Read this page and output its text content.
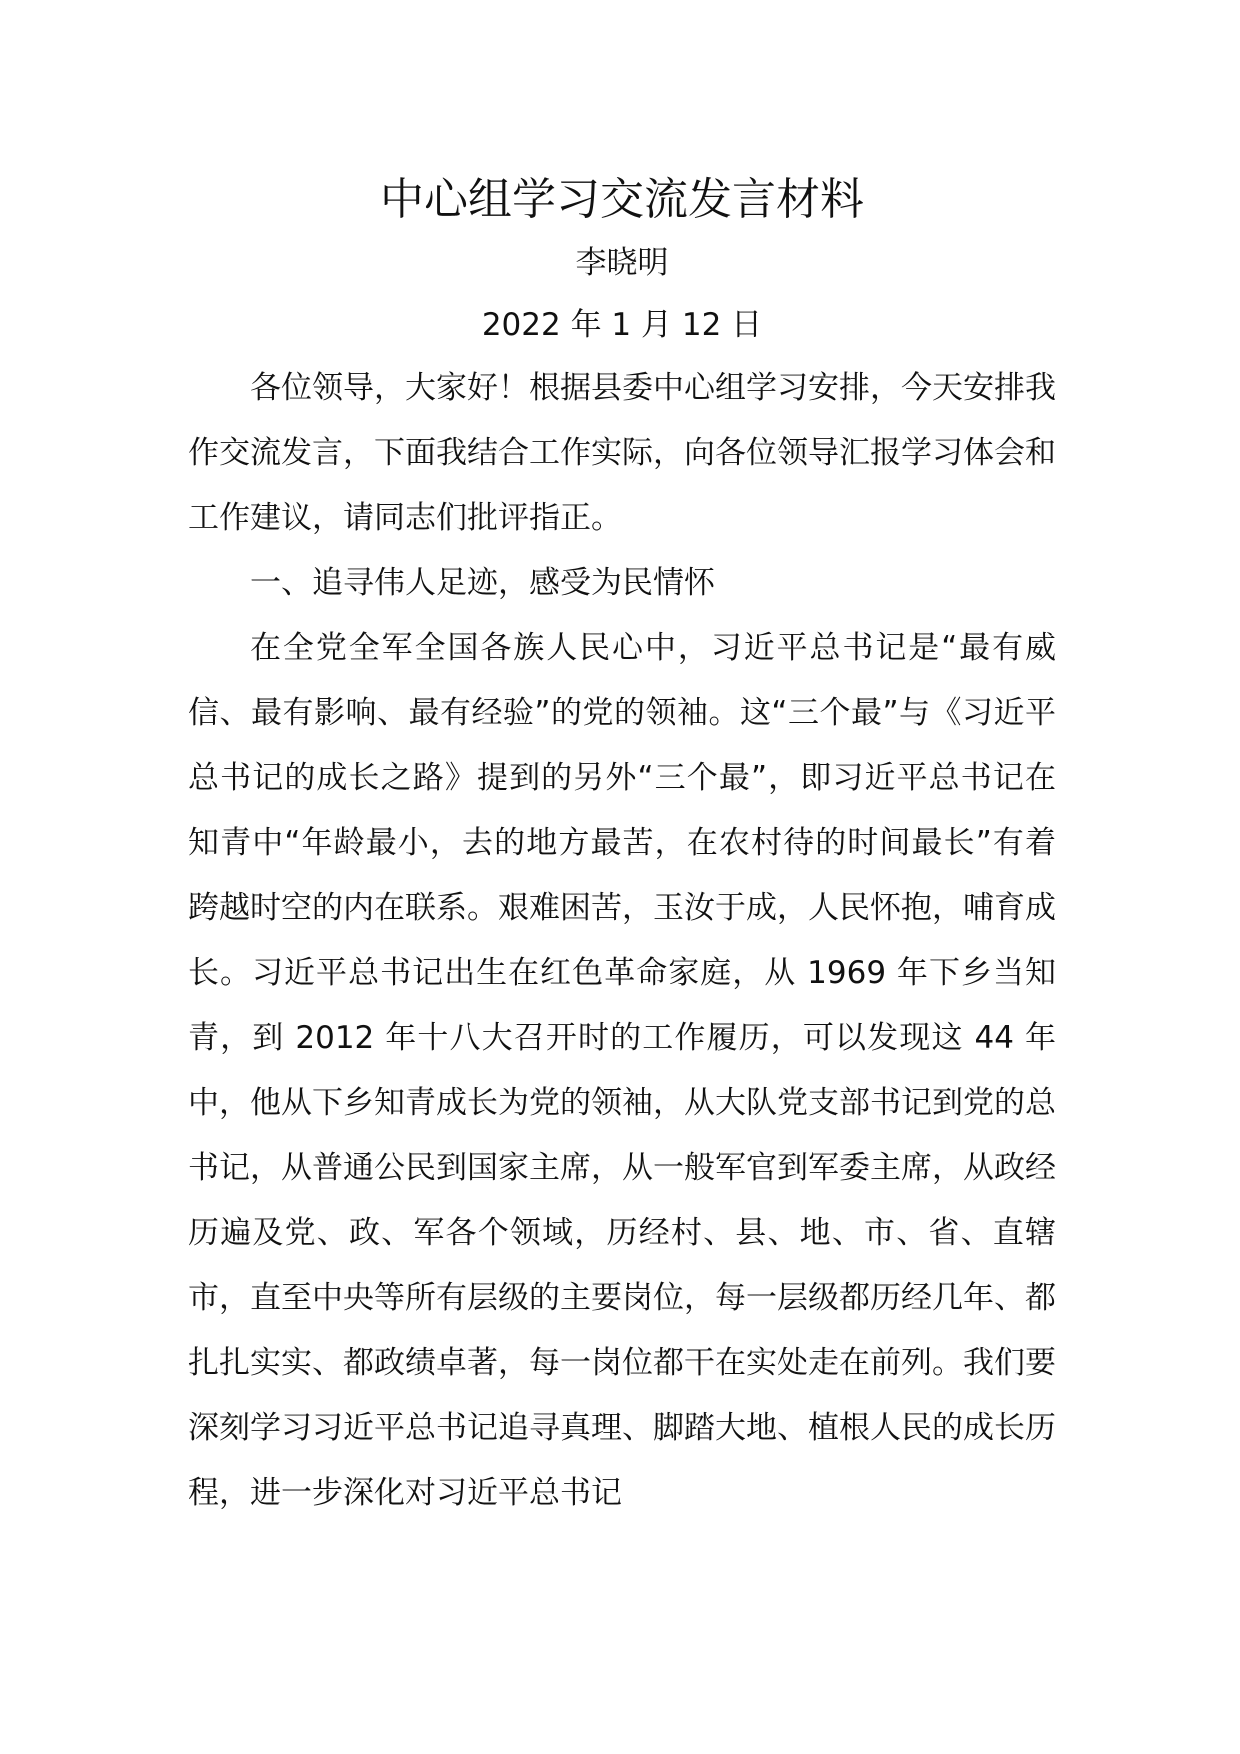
中心组学习交流发言材料

李晓明

2022 年 1 月 12 日

各位领导，大家好！根据县委中心组学习安排，今天安排我作交流发言，下面我结合工作实际，向各位领导汇报学习体会和工作建议，请同志们批评指正。

一、追寻伟人足迹，感受为民情怀

在全党全军全国各族人民心中，习近平总书记是“最有威信、最有影响、最有经验”的党的领袖。这“三个最”与《习近平总书记的成长之路》提到的另外“三个最”，即习近平总书记在知青中“年龄最小，去的地方最苦，在农村待的时间最长”有着跨越时空的内在联系。艰难困苦，玉汝于成，人民怀抱，哺育成长。习近平总书记出生在红色革命家庭，从 1969 年下乡当知青，到 2012 年十八大召开时的工作履历，可以发现这 44 年中，他从下乡知青成长为党的领袖，从大队党支部书记到党的总书记，从普通公民到国家主席，从一般军官到军委主席，从政经历遍及党、政、军各个领域，历经村、县、地、市、省、直辖市，直至中央等所有层级的主要岗位，每一层级都历经几年、都扎扎实实、都政绩卓著，每一岗位都干在实处走在前列。我们要深刻学习习近平总书记追寻真理、脚踏大地、植根人民的成长历程，进一步深化对习近平总书记
